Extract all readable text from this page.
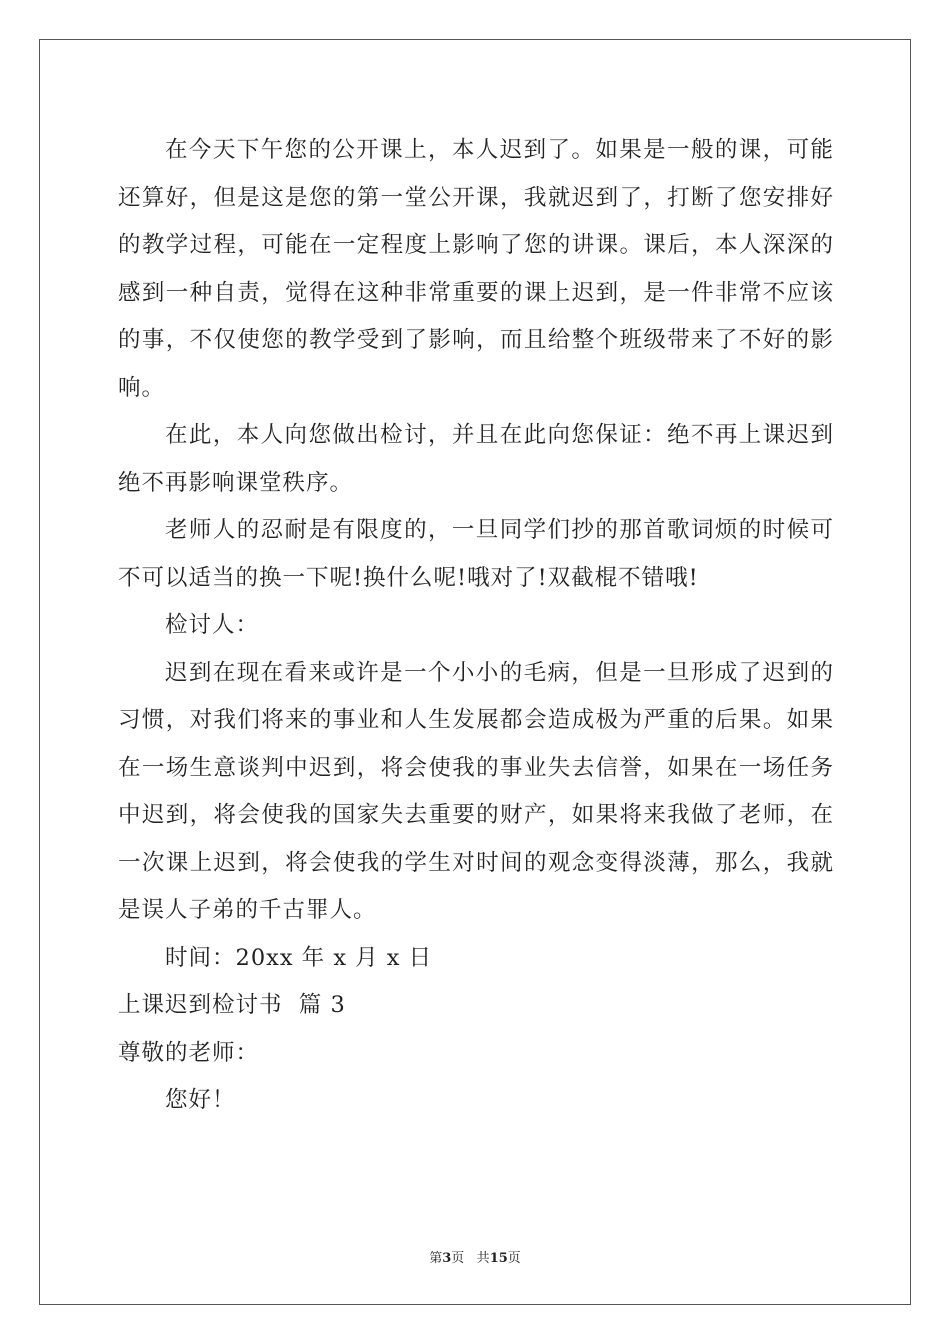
在今天下午您的公开课上，本人迟到了。如果是一般的课，可能还算好，但是这是您的第一堂公开课，我就迟到了，打断了您安排好的教学过程，可能在一定程度上影响了您的讲课。课后，本人深深的感到一种自责，觉得在这种非常重要的课上迟到，是一件非常不应该的事，不仅使您的教学受到了影响，而且给整个班级带来了不好的影响。

在此，本人向您做出检讨，并且在此向您保证：绝不再上课迟到绝不再影响课堂秩序。

老师人的忍耐是有限度的，一旦同学们抄的那首歌词烦的时候可不可以适当的换一下呢!换什么呢!哦对了!双截棍不错哦!

检讨人：

迟到在现在看来或许是一个小小的毛病，但是一旦形成了迟到的习惯，对我们将来的事业和人生发展都会造成极为严重的后果。如果在一场生意谈判中迟到，将会使我的事业失去信誉，如果在一场任务中迟到，将会使我的国家失去重要的财产，如果将来我做了老师，在一次课上迟到，将会使我的学生对时间的观念变得淡薄，那么，我就是误人子弟的千古罪人。

时间：20xx 年 x 月 x 日

上课迟到检讨书  篇 3

尊敬的老师：

您好！

第3页 共15页
